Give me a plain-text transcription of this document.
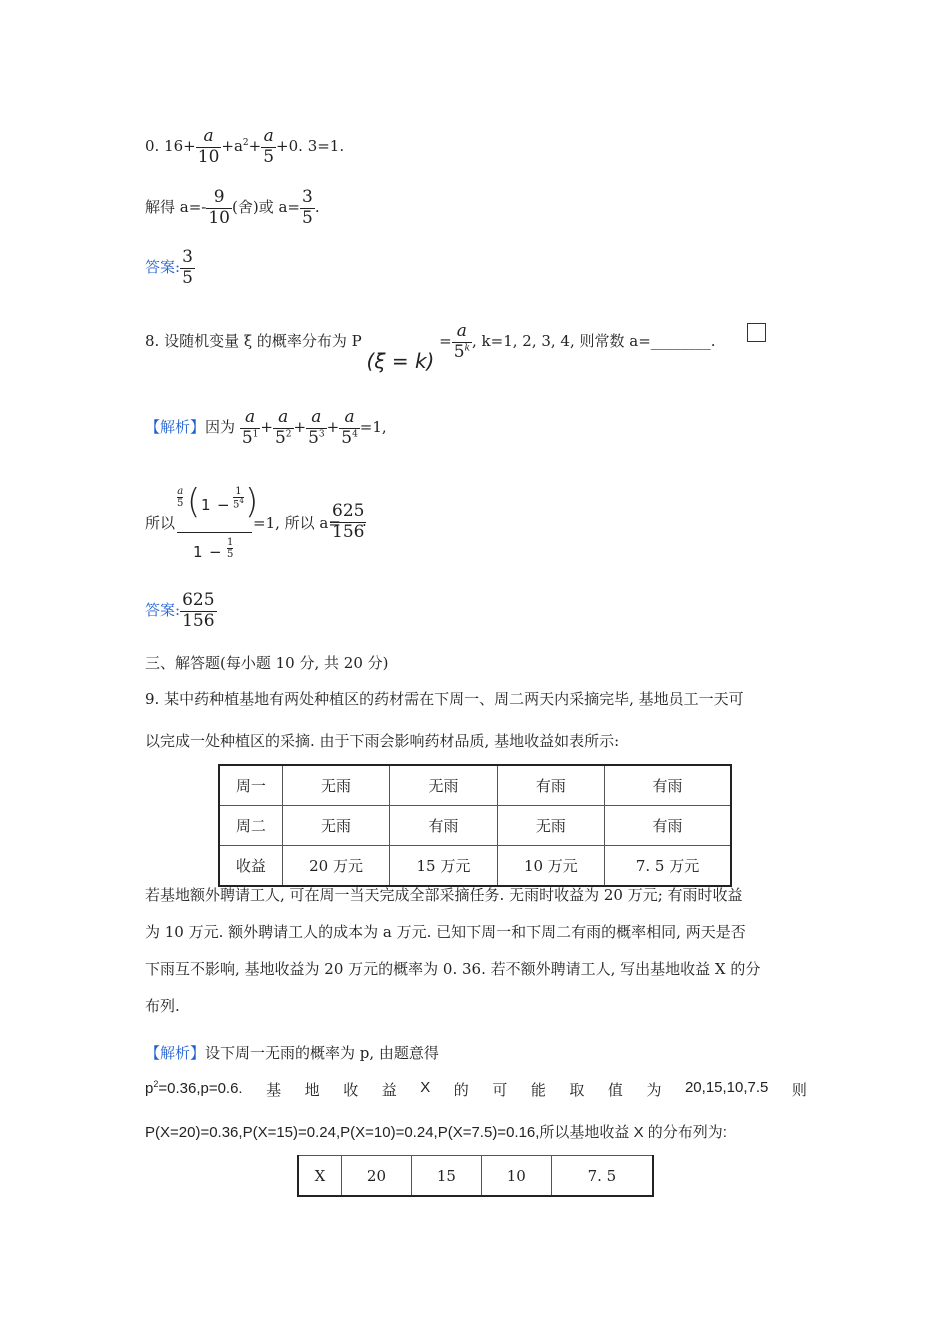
0. $16+ \frac{a}{10} +a^2+ \frac{a}{5} +0$. 3=1.
解得 $a=- \frac{9}{10}$ (舍)或 $a= \frac{3}{5}$ .
答案: $\frac{3}{5}$
8. 设随机变量 ξ 的概率分布为 P $(\xi = k) = \frac{a}{5^k}$ , k=1, 2, 3, 4, 则常数 a=________.
【解析】因为 $\frac{a}{5^1} + \frac{a}{5^2} + \frac{a}{5^3} + \frac{a}{5^4} =1$,
所以
$\frac{a}{5}$ ( 1 −
1
$5^4$ )
$1 - \frac{1}{5}$
=1, 所以 a=
$\frac{625}{156}$
.
答案: $\frac{625}{156}$
三、解答题(每小题 10 分, 共 20 分)
9. 某中药种植基地有两处种植区的药材需在下周一、周二两天内采摘完毕, 基地员工一天可
以完成一处种植区的采摘. 由于下雨会影响药材品质, 基地收益如表所示:
周一	无雨	无雨	有雨	有雨
周二	无雨	有雨	无雨	有雨
收益	20 万元	15 万元	10 万元	7. 5 万元
若基地额外聘请工人, 可在周一当天完成全部采摘任务. 无雨时收益为 20 万元; 有雨时收益
为 10 万元. 额外聘请工人的成本为 a 万元. 已知下周一和下周二有雨的概率相同, 两天是否
下雨互不影响, 基地收益为 20 万元的概率为 0. 36. 若不额外聘请工人, 写出基地收益 X 的分
布列.
【解析】设下周一无雨的概率为 p, 由题意得
$p^2=0.36,p=0.6$. 基 地 收 益 X 的 可 能 取 值 为 20,15,10,7.5 则
P(X=20)=0.36,P(X=15)=0.24,P(X=10)=0.24,P(X=7.5)=0.16,所以基地收益 X 的分布列为:
X	20	15	10	7. 5
